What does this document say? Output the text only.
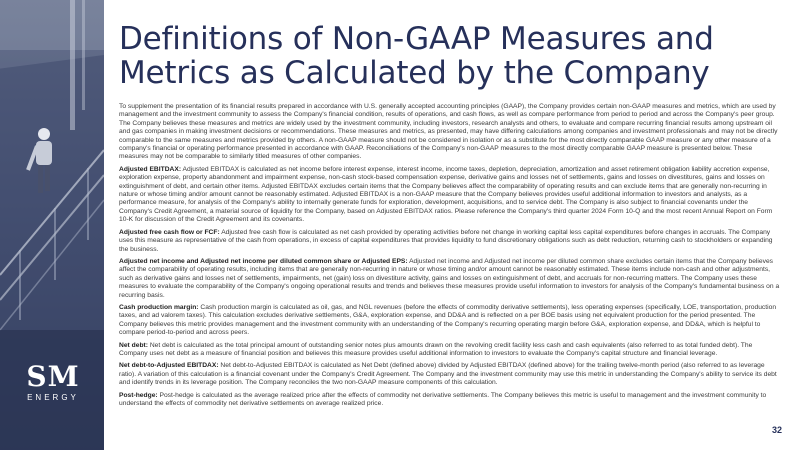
SM
ENERGY
Definitions of Non-GAAP Measures and Metrics as Calculated by the Company

To supplement the presentation of its financial results prepared in accordance with U.S. generally accepted accounting principles (GAAP), the Company provides certain non-GAAP measures and metrics, which are used by management and the investment community to assess the Company's financial condition, results of operations, and cash flows, as well as compare performance from period to period and across the Company's peer group. The Company believes these measures and metrics are widely used by the investment community, including investors, research analysts and others, to evaluate and compare recurring financial results among upstream oil and gas companies in making investment decisions or recommendations. These measures and metrics, as presented, may have differing calculations among companies and investment professionals and may not be directly comparable to the same measures and metrics provided by others. A non-GAAP measure should not be considered in isolation or as a substitute for the most directly comparable GAAP measure or any other measure of a company's financial or operating performance presented in accordance with GAAP. Reconciliations of the Company's non-GAAP measures to the most directly comparable GAAP measure is presented below. These measures may not be comparable to similarly titled measures of other companies.

Adjusted EBITDAX: Adjusted EBITDAX is calculated as net income before interest expense, interest income, income taxes, depletion, depreciation, amortization and asset retirement obligation liability accretion expense, exploration expense, property abandonment and impairment expense, non-cash stock-based compensation expense, derivative gains and losses net of settlements, gains and losses on divestitures, gains and losses on extinguishment of debt, and certain other items. Adjusted EBITDAX excludes certain items that the Company believes affect the comparability of operating results and can exclude items that are generally non-recurring in nature or whose timing and/or amount cannot be reasonably estimated. Adjusted EBITDAX is a non-GAAP measure that the Company believes provides useful additional information to investors and analysts, as a performance measure, for analysis of the Company's ability to internally generate funds for exploration, development, acquisitions, and to service debt. The Company is also subject to financial covenants under the Company's Credit Agreement, a material source of liquidity for the Company, based on Adjusted EBITDAX ratios. Please reference the Company's third quarter 2024 Form 10-Q and the most recent Annual Report on Form 10-K for discussion of the Credit Agreement and its covenants.

Adjusted free cash flow or FCF: Adjusted free cash flow is calculated as net cash provided by operating activities before net change in working capital less capital expenditures before changes in accruals. The Company uses this measure as representative of the cash from operations, in excess of capital expenditures that provides liquidity to fund discretionary obligations such as debt reduction, returning cash to stockholders or expanding the business.

Adjusted net income and Adjusted net income per diluted common share or Adjusted EPS: Adjusted net income and Adjusted net income per diluted common share excludes certain items that the Company believes affect the comparability of operating results, including items that are generally non-recurring in nature or whose timing and/or amount cannot be reasonably estimated. These items include non-cash and other adjustments, such as derivative gains and losses net of settlements, impairments, net (gain) loss on divestiture activity, gains and losses on extinguishment of debt, and accruals for non-recurring matters. The Company uses these measures to evaluate the comparability of the Company's ongoing operational results and trends and believes these measures provide useful information to investors for analysis of the Company's fundamental business on a recurring basis.

Cash production margin: Cash production margin is calculated as oil, gas, and NGL revenues (before the effects of commodity derivative settlements), less operating expenses (specifically, LOE, transportation, production taxes, and ad valorem taxes). This calculation excludes derivative settlements, G&A, exploration expense, and DD&A and is reflected on a per BOE basis using net equivalent production for the period presented. The Company believes this metric provides management and the investment community with an understanding of the Company's recurring operating margin before G&A, exploration expense, and DD&A, which is helpful to compare period-to-period and across peers.

Net debt: Net debt is calculated as the total principal amount of outstanding senior notes plus amounts drawn on the revolving credit facility less cash and cash equivalents (also referred to as total funded debt). The Company uses net debt as a measure of financial position and believes this measure provides useful additional information to investors to evaluate the Company's capital structure and financial leverage.

Net debt-to-Adjusted EBITDAX: Net debt-to-Adjusted EBITDAX is calculated as Net Debt (defined above) divided by Adjusted EBITDAX (defined above) for the trailing twelve-month period (also referred to as leverage ratio). A variation of this calculation is a financial covenant under the Company's Credit Agreement. The Company and the investment community may use this metric in understanding the Company's ability to service its debt and identify trends in its leverage position. The Company reconciles the two non-GAAP measure components of this calculation.

Post-hedge: Post-hedge is calculated as the average realized price after the effects of commodity net derivative settlements. The Company believes this metric is useful to management and the investment community to understand the effects of commodity net derivative settlements on average realized price.

32
